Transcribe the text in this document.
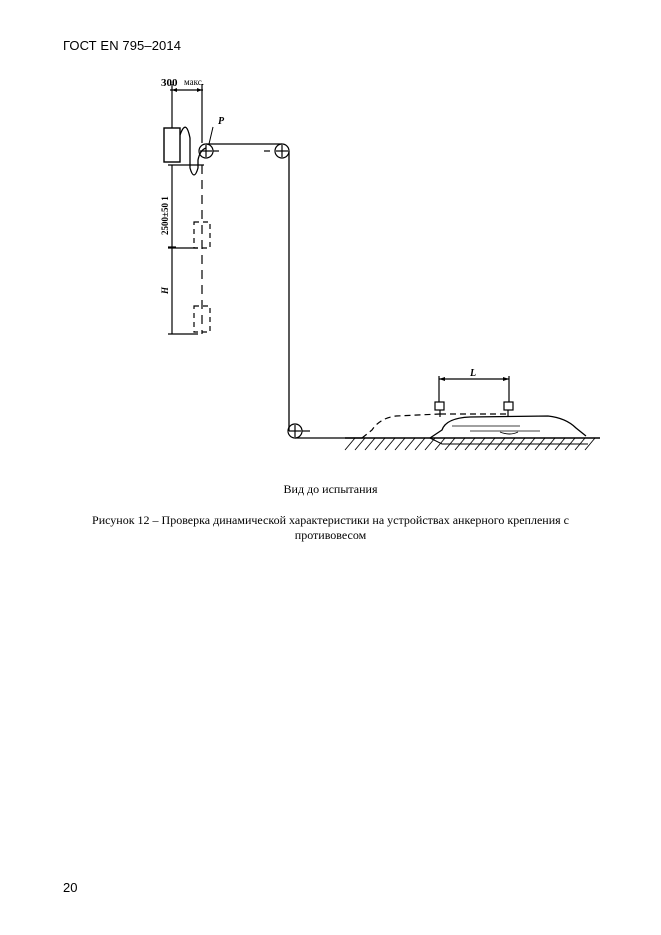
ГОСТ EN 795–2014
300 макс.
P
2500±50 1
H
L
Вид до испытания
Рисунок 12 – Проверка динамической характеристики на устройствах анкерного крепления с противовесом
20
